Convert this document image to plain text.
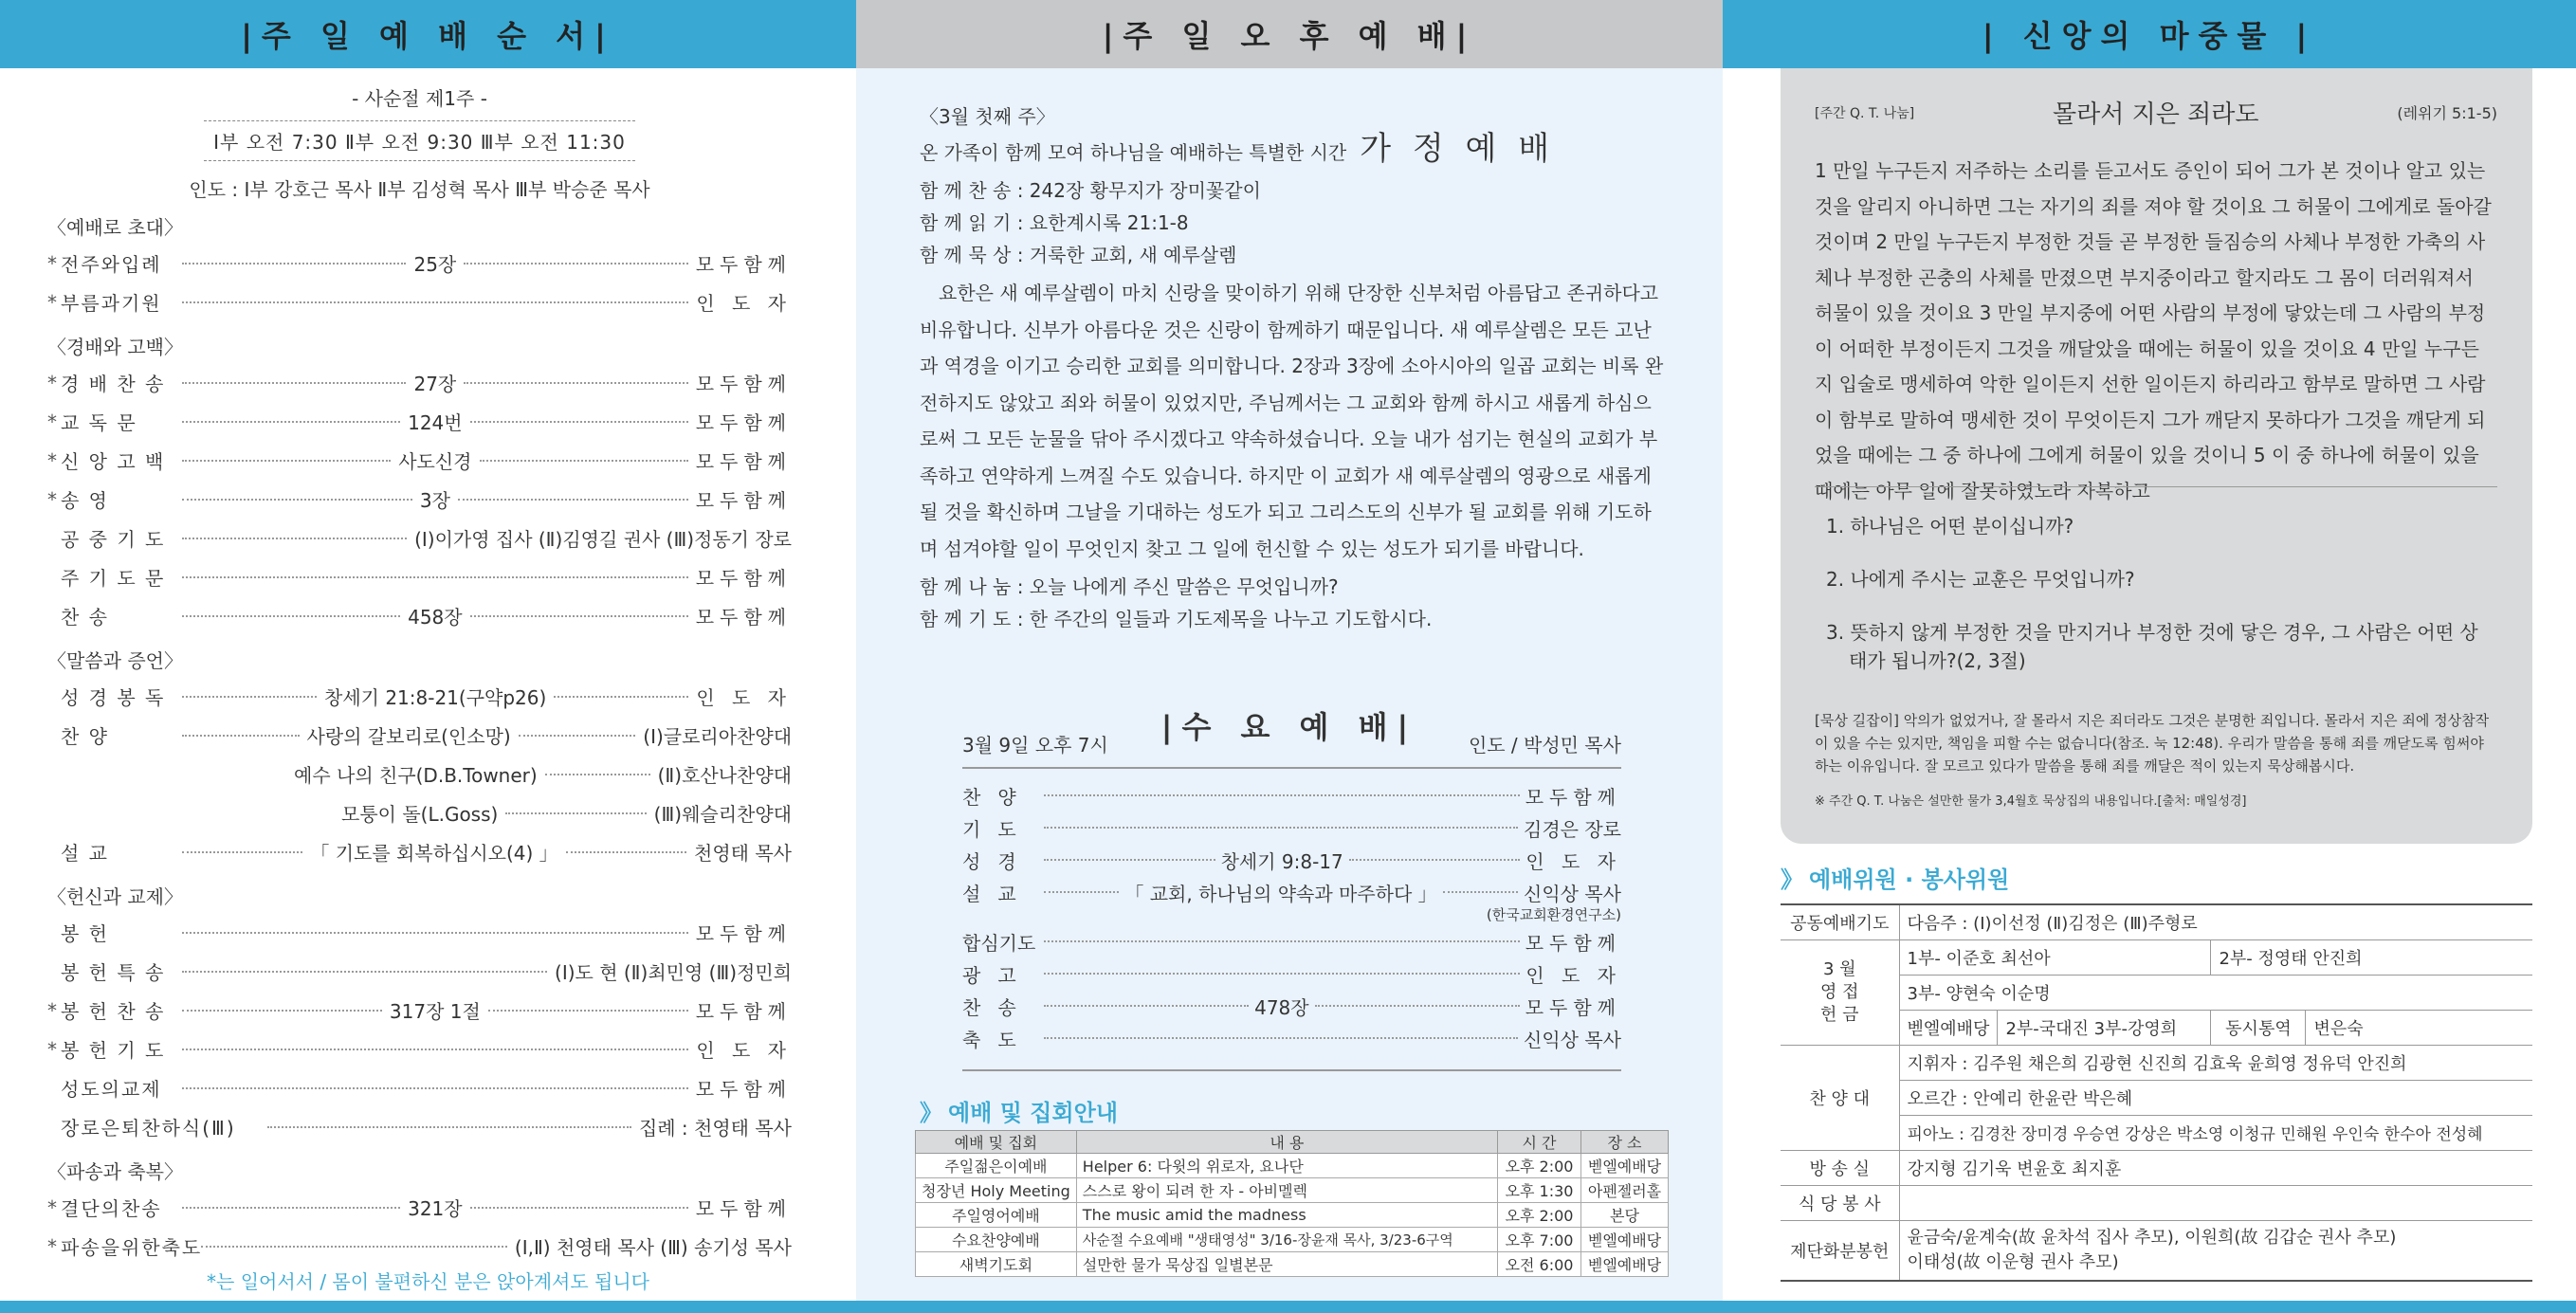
|주 일 예 배 순 서|
- 사순절 제1주 -
Ⅰ부 오전 7:30 Ⅱ부 오전 9:30 Ⅲ부 오전 11:30
인도 : Ⅰ부 강호근 목사 Ⅱ부 김성혁 목사 Ⅲ부 박승준 목사
〈예배로 초대〉
* 전주와입례	25장	모두함께
* 부름과기원	인 도 자
〈경배와 고백〉
* 경 배 찬 송	27장	모두함께
* 교 독 문	124번	모두함께
* 신 앙 고 백	사도신경	모두함께
* 송 영	3장	모두함께
공 중 기 도	(Ⅰ)이가영 집사 (Ⅱ)김영길 권사 (Ⅲ)정동기 장로
주 기 도 문	모두함께
찬 송	458장	모두함께
〈말씀과 증언〉
성 경 봉 독	창세기 21:8-21(구약p26)	인 도 자
찬 양	사랑의 갈보리로(인소망)	(Ⅰ)글로리아찬양대
예수 나의 친구(D.B.Towner)	(Ⅱ)호산나찬양대
모퉁이 돌(L.Goss)	(Ⅲ)웨슬리찬양대
설 교	「 기도를 회복하십시오(4) 」	천영태 목사
〈헌신과 교제〉
봉 헌	모두함께
봉 헌 특 송	(Ⅰ)도 현 (Ⅱ)최민영 (Ⅲ)정민희
* 봉 헌 찬 송	317장 1절	모두함께
* 봉 헌 기 도	인 도 자
성도의교제	모두함께
장로은퇴찬하식(Ⅲ)	집례 : 천영태 목사
〈파송과 축복〉
* 결단의찬송	321장	모두함께
* 파송을위한축도	(Ⅰ,Ⅱ) 천영태 목사 (Ⅲ) 송기성 목사
*는 일어서서 / 몸이 불편하신 분은 앉아계셔도 됩니다
|주 일 오 후 예 배|

〈3월 첫째 주〉

온 가족이 함께 모여 하나님을 예배하는 특별한 시간 가 정 예 배

함 께 찬 송 : 242장 황무지가 장미꽃같이

함 께 읽 기 : 요한계시록 21:1-8

함 께 묵 상 : 거룩한 교회, 새 예루살렘

요한은 새 예루살렘이 마치 신랑을 맞이하기 위해 단장한 신부처럼 아름답고 존귀하다고 비유합니다. 신부가 아름다운 것은 신랑이 함께하기 때문입니다. 새 예루살렘은 모든 고난과 역경을 이기고 승리한 교회를 의미합니다. 2장과 3장에 소아시아의 일곱 교회는 비록 완전하지도 않았고 죄와 허물이 있었지만, 주님께서는 그 교회와 함께 하시고 새롭게 하심으로써 그 모든 눈물을 닦아 주시겠다고 약속하셨습니다. 오늘 내가 섬기는 현실의 교회가 부족하고 연약하게 느껴질 수도 있습니다. 하지만 이 교회가 새 예루살렘의 영광으로 새롭게 될 것을 확신하며 그날을 기대하는 성도가 되고 그리스도의 신부가 될 교회를 위해 기도하며 섬겨야할 일이 무엇인지 찾고 그 일에 헌신할 수 있는 성도가 되기를 바랍니다.

함 께 나 눔 : 오늘 나에게 주신 말씀은 무엇입니까?

함 께 기 도 : 한 주간의 일들과 기도제목을 나누고 기도합시다.

|수 요 예 배|
3월 9일 오후 7시	인도 / 박성민 목사
찬양	모두함께
기도	김경은 장로
성경	창세기 9:8-17	인 도 자
설교	「 교회, 하나님의 약속과 마주하다 」	신익상 목사
(한국교회환경연구소)
합심기도	모두함께
광고	인 도 자
찬송	478장	모두함께
축도	신익상 목사
》 예배 및 집회안내
예배 및 집회	내 용	시 간	장 소
주일젊은이예배	Helper 6: 다윗의 위로자, 요나단	오후 2:00	벧엘예배당
청장년 Holy Meeting	스스로 왕이 되려 한 자 - 아비멜렉	오후 1:30	아펜젤러홀
주일영어예배	The music amid the madness	오후 2:00	본당
수요찬양예배	사순절 수요예배 "생태영성" 3/16-장윤재 목사, 3/23-6구역	오후 7:00	벧엘예배당
새벽기도회	설만한 물가 묵상집 일별본문	오전 6:00	벧엘예배당
| 신앙의 마중물 |
[주간 Q. T. 나눔]	몰라서 지은 죄라도	(레위기 5:1-5)
1 만일 누구든지 저주하는 소리를 듣고서도 증인이 되어 그가 본 것이나 알고 있는 것을 알리지 아니하면 그는 자기의 죄를 져야 할 것이요 그 허물이 그에게로 돌아갈 것이며 2 만일 누구든지 부정한 것들 곧 부정한 들짐승의 사체나 부정한 가축의 사체나 부정한 곤충의 사체를 만졌으면 부지중이라고 할지라도 그 몸이 더러워져서 허물이 있을 것이요 3 만일 부지중에 어떤 사람의 부정에 닿았는데 그 사람의 부정이 어떠한 부정이든지 그것을 깨달았을 때에는 허물이 있을 것이요 4 만일 누구든지 입술로 맹세하여 악한 일이든지 선한 일이든지 하리라고 함부로 말하면 그 사람이 함부로 말하여 맹세한 것이 무엇이든지 그가 깨닫지 못하다가 그것을 깨닫게 되었을 때에는 그 중 하나에 그에게 허물이 있을 것이니 5 이 중 하나에 허물이 있을 때에는 아무 일에 잘못하였노라 자복하고
1. 하나님은 어떤 분이십니까?
2. 나에게 주시는 교훈은 무엇입니까?
3. 뜻하지 않게 부정한 것을 만지거나 부정한 것에 닿은 경우, 그 사람은 어떤 상태가 됩니까?(2, 3절)
[묵상 길잡이] 악의가 없었거나, 잘 몰라서 지은 죄더라도 그것은 분명한 죄입니다. 몰라서 지은 죄에 정상참작이 있을 수는 있지만, 책임을 피할 수는 없습니다(참조. 눅 12:48). 우리가 말씀을 통해 죄를 깨닫도록 힘써야 하는 이유입니다. 잘 모르고 있다가 말씀을 통해 죄를 깨달은 적이 있는지 묵상해봅시다.
※ 주간 Q. T. 나눔은 설만한 물가 3,4월호 묵상집의 내용입니다.[출처: 매일성경]
》 예배위원 · 봉사위원
공동예배기도	다음주 : (Ⅰ)이선정 (Ⅱ)김정은 (Ⅲ)주형로			
3 월
영 접
헌 금	1부- 이준호 최선아		2부- 정영태 안진희	
	3부- 양현숙 이순명			
	벧엘예배당	2부-국대진 3부-강영희	동시통역	변은숙
찬 양 대	지휘자 : 김주원 채은희 김광현 신진희 김효욱 윤희영 정유덕 안진희			
	오르간 : 안예리 한윤란 박은혜			
	피아노 : 김경찬 장미경 우승연 강상은 박소영 이청규 민해원 우인숙 한수아 전성혜			
방 송 실	강지형 김기욱 변윤호 최지훈			
식 당 봉 사				
제단화분봉헌	윤금숙/윤계숙(故 윤차석 집사 추모), 이원희(故 김갑순 권사 추모)
이태성(故 이운형 권사 추모)			
